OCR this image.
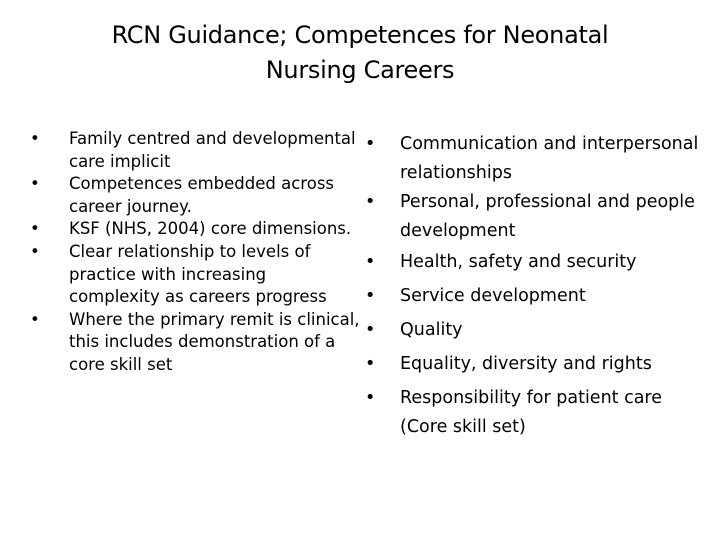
RCN Guidance; Competences for Neonatal
Nursing Careers
• Family centred and developmental care implicit
• Competences embedded across career journey.
• KSF (NHS, 2004) core dimensions.
• Clear relationship to levels of practice with increasing complexity as careers progress
• Where the primary remit is clinical, this includes demonstration of a core skill set
• Communication and interpersonal relationships
• Personal, professional and people development
• Health, safety and security
• Service development
• Quality
• Equality, diversity and rights
• Responsibility for patient care (Core skill set)
